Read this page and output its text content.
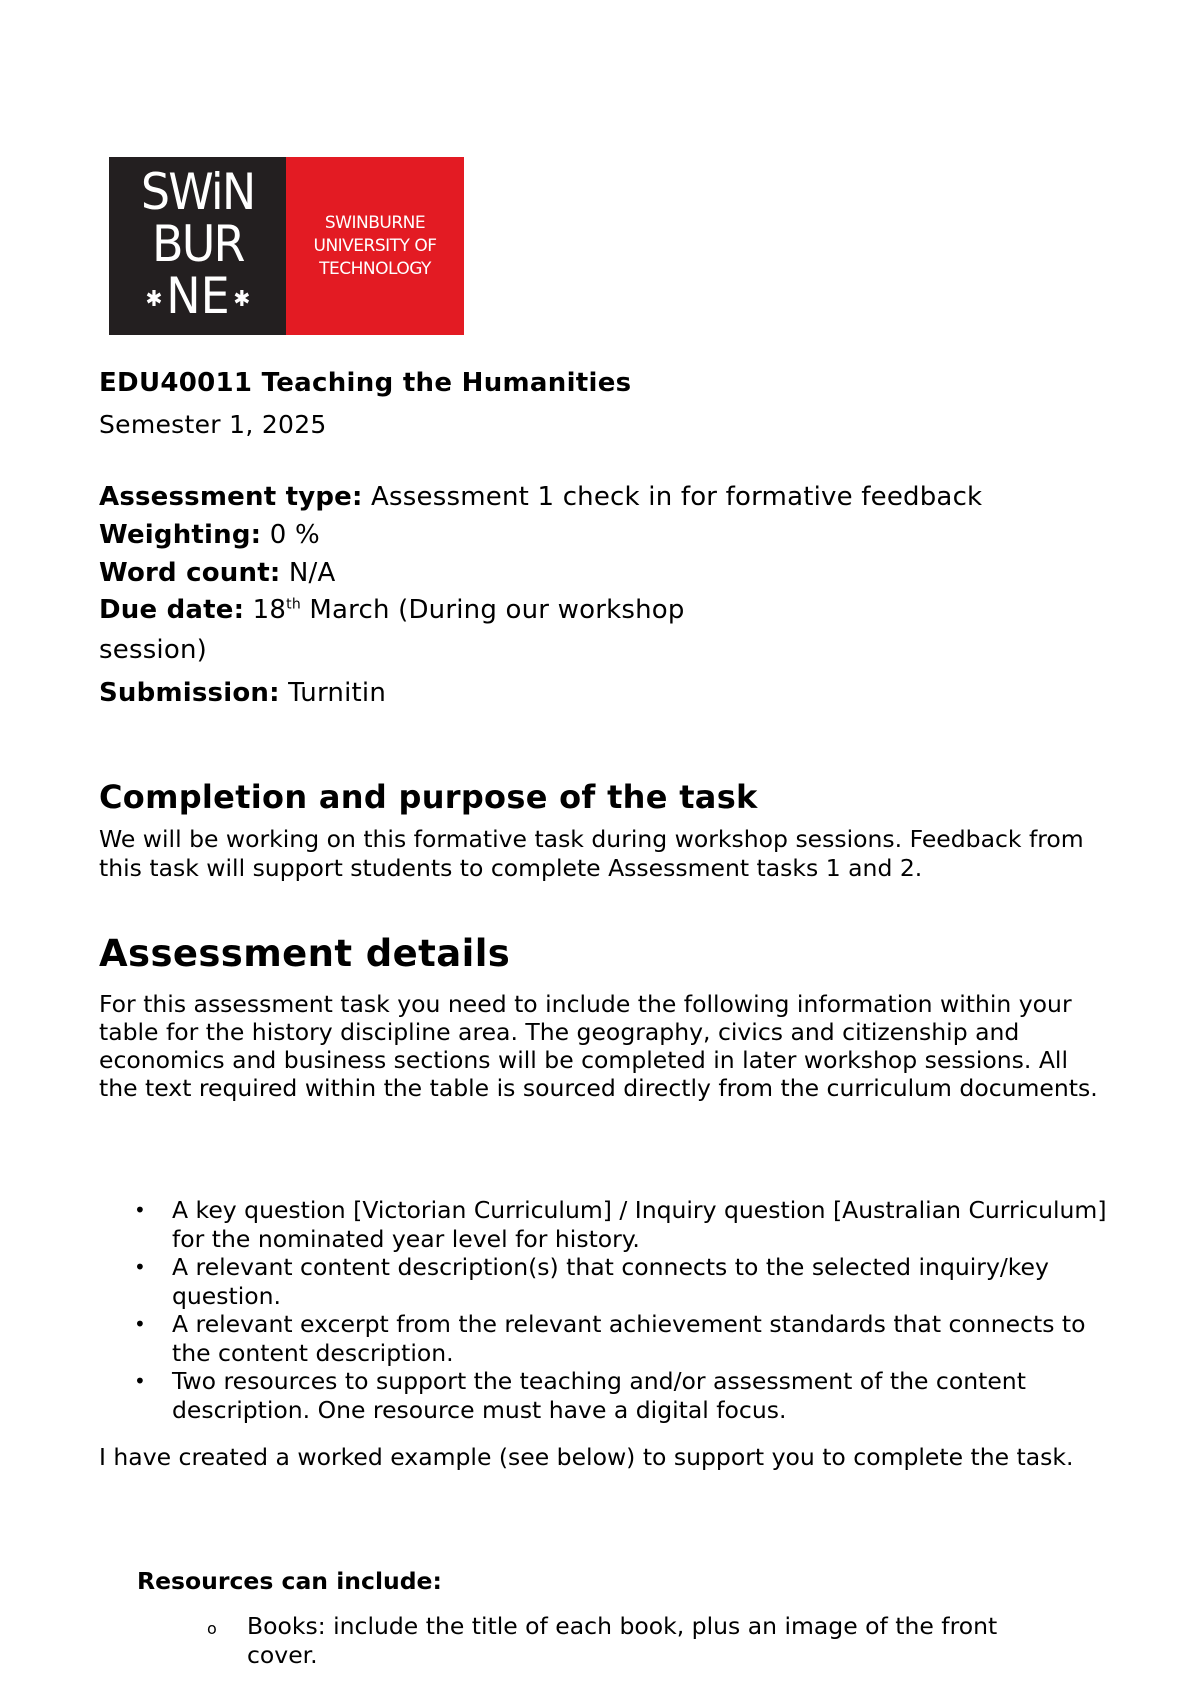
SWiN
BUR
✱NE ✱
SWINBURNE
UNIVERSITY OF
TECHNOLOGY
EDU40011 Teaching the Humanities
Semester 1, 2025
Assessment type: Assessment 1 check in for formative feedback
Weighting: 0 %
Word count: N/A
Due date: 18th March (During our workshop
session)
Submission: Turnitin
Completion and purpose of the task
We will be working on this formative task during workshop sessions. Feedback from this task will support students to complete Assessment tasks 1 and 2.
Assessment details
For this assessment task you need to include the following information within your table for the history discipline area. The geography, civics and citizenship and economics and business sections will be completed in later workshop sessions. All the text required within the table is sourced directly from the curriculum documents.
• A key question [Victorian Curriculum] / Inquiry question [Australian Curriculum] for the nominated year level for history.
• A relevant content description(s) that connects to the selected inquiry/key question.
• A relevant excerpt from the relevant achievement standards that connects to the content description.
• Two resources to support the teaching and/or assessment of the content description. One resource must have a digital focus.
I have created a worked example (see below) to support you to complete the task.
Resources can include:
o Books: include the title of each book, plus an image of the front cover.
